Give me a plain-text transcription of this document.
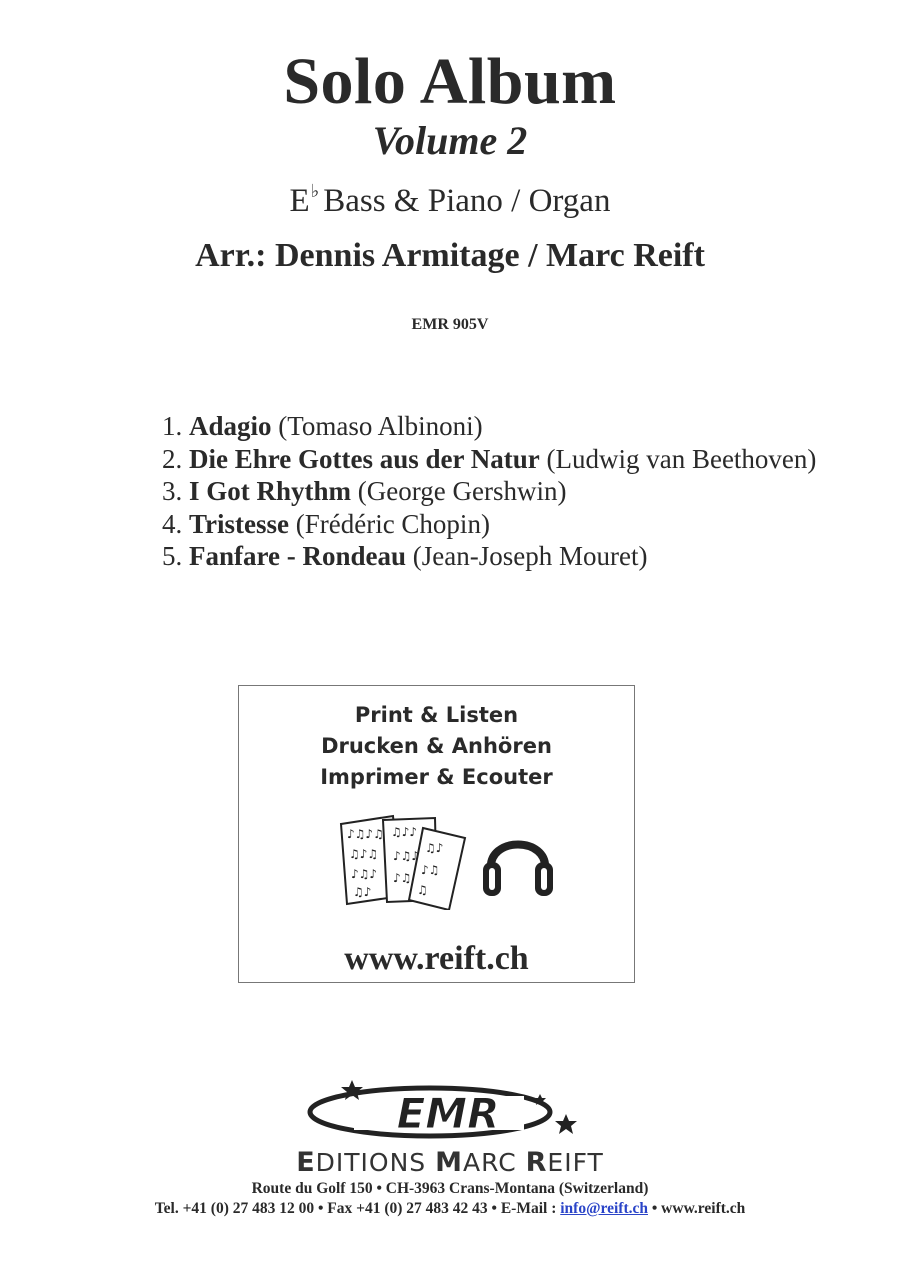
Solo Album
Volume 2
E♭ Bass & Piano / Organ
Arr.: Dennis Armitage / Marc Reift
EMR 905V
1. Adagio (Tomaso Albinoni)
2. Die Ehre Gottes aus der Natur (Ludwig van Beethoven)
3. I Got Rhythm (George Gershwin)
4. Tristesse (Frédéric Chopin)
5. Fanfare - Rondeau (Jean-Joseph Mouret)
Print & Listen
Drucken & Anhören
Imprimer & Ecouter
♪♫♪♫
♫♪♫
♪♫♪
♫♪
♫♪♪
♪♫♪
♪♫
♫♪
♪♫
♫
www.reift.ch
EMR
EDITIONS MARC REIFT
Route du Golf 150 • CH-3963 Crans-Montana (Switzerland)
Tel. +41 (0) 27 483 12 00 • Fax +41 (0) 27 483 42 43 • E-Mail : info@reift.ch • www.reift.ch
